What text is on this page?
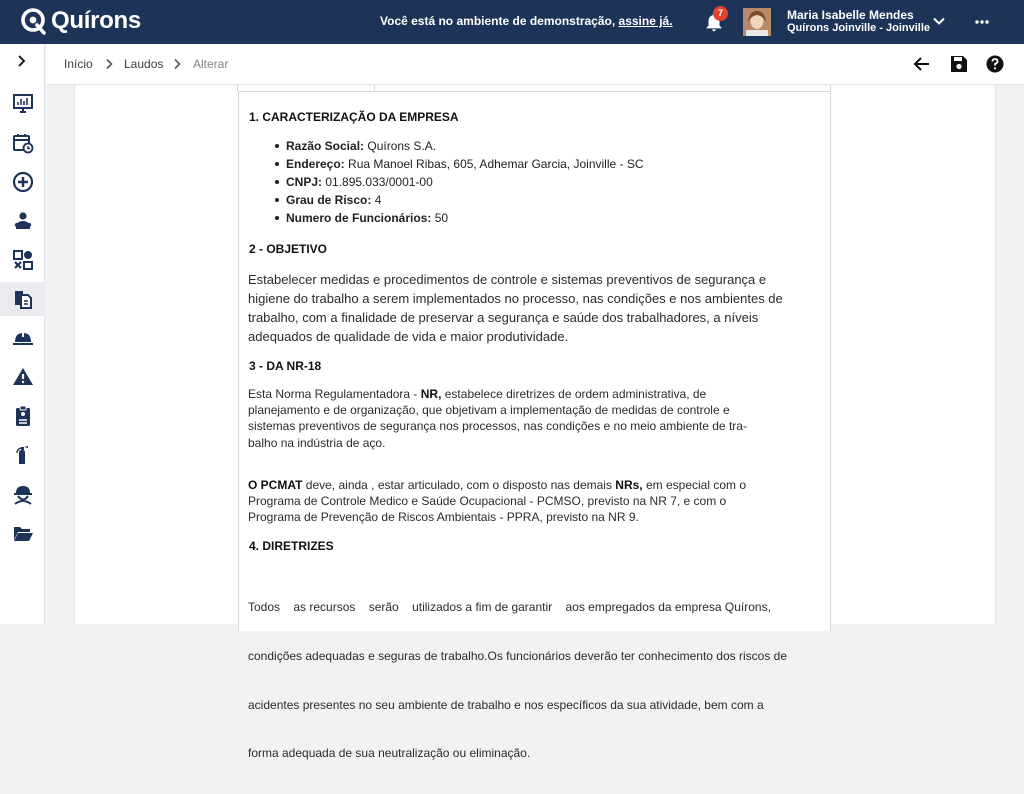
Quírons	Você está no ambiente de demonstração, assine já.
7	Maria Isabelle Mendes
Quírons Joinville - Joinville
Início	Laudos Alterar
1. CARACTERIZAÇÃO DA EMPRESA
Razão Social: Quírons S.A.
Endereço: Rua Manoel Ribas, 605, Adhemar Garcia, Joinville - SC
CNPJ: 01.895.033/0001-00
Grau de Risco: 4
Numero de Funcionários: 50
2 - OBJETIVO
Estabelecer medidas e procedimentos de controle e sistemas preventivos de segurança e
higiene do trabalho a serem implementados no processo, nas condições e nos ambientes de
trabalho, com a finalidade de preservar a segurança e saúde dos trabalhadores, a níveis
adequados de qualidade de vida e maior produtividade.
3 - DA NR-18
Esta Norma Regulamentadora - NR, estabelece diretrizes de ordem administrativa, de
planejamento e de organização, que objetivam a implementação de medidas de controle e
sistemas preventivos de segurança nos processos, nas condições e no meio ambiente de tra-
balho na indústria de aço.
O PCMAT deve, ainda , estar articulado, com o disposto nas demais NRs, em especial com o
Programa de Controle Medico e Saúde Ocupacional - PCMSO, previsto na NR 7, e com o
Programa de Prevenção de Riscos Ambientais - PPRA, previsto na NR 9.
4. DIRETRIZES

Todos    as recursos    serão    utilizados a fim de garantir    aos empregados da empresa Quírons,

condições adequadas e seguras de trabalho.Os funcionários deverão ter conhecimento dos riscos de

acidentes presentes no seu ambiente de trabalho e nos específicos da sua atividade, bem com a

forma adequada de sua neutralização ou eliminação.
